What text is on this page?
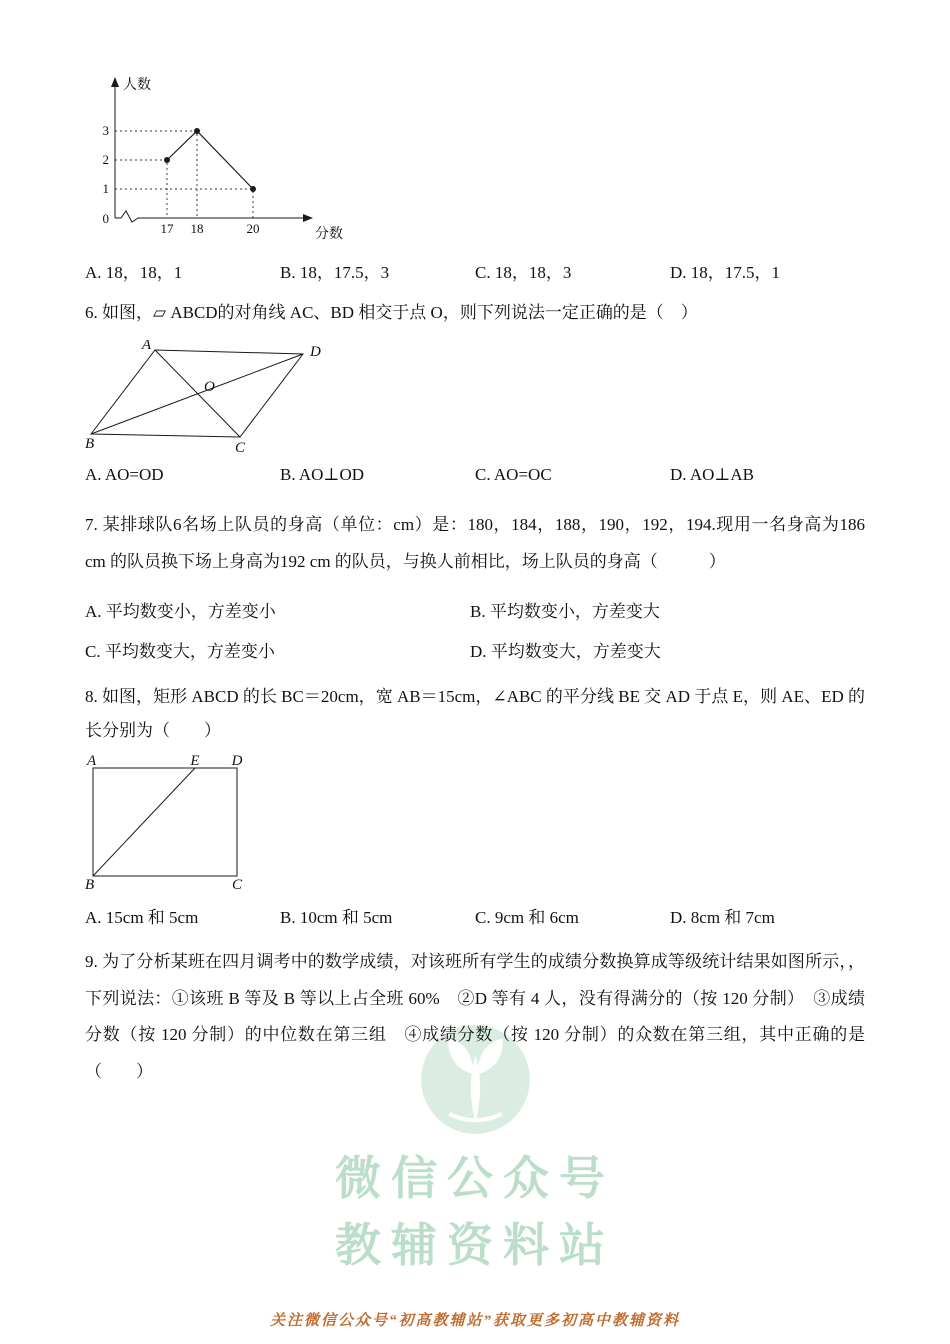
微信公众号
教辅资料站
人数
分数
3
2
1
0
17 18	20
A. 18，18，1	B. 18，17.5，3	C. 18，18，3	D. 18，17.5，1

6. 如图，▱ ABCD的对角线 AC、BD 相交于点 O，则下列说法一定正确的是（　）

A	D
B	C
O
A. AO=OD	B. AO⊥OD	C. AO=OC	D. AO⊥AB

7. 某排球队6名场上队员的身高（单位：cm）是：180，184，188，190，192，194.现用一名身高为186 cm 的队员换下场上身高为192 cm 的队员，与换人前相比，场上队员的身高（　　　）

A. 平均数变小，方差变小	B. 平均数变小，方差变大
C. 平均数变大，方差变小	D. 平均数变大，方差变大

8. 如图，矩形 ABCD 的长 BC＝20cm，宽 AB＝15cm，∠ABC 的平分线 BE 交 AD 于点 E，则 AE、ED 的长分别为（　　）

A	E D
B	C
A. 15cm 和 5cm	B. 10cm 和 5cm	C. 9cm 和 6cm	D. 8cm 和 7cm

9. 为了分析某班在四月调考中的数学成绩，对该班所有学生的成绩分数换算成等级统计结果如图所示，，下列说法：①该班 B 等及 B 等以上占全班 60%　②D 等有 4 人，没有得满分的（按 120 分制）　③成绩分数（按 120 分制）的中位数在第三组　④成绩分数（按 120 分制）的众数在第三组，其中正确的是（　　）

关注微信公众号“初高教辅站”获取更多初高中教辅资料
